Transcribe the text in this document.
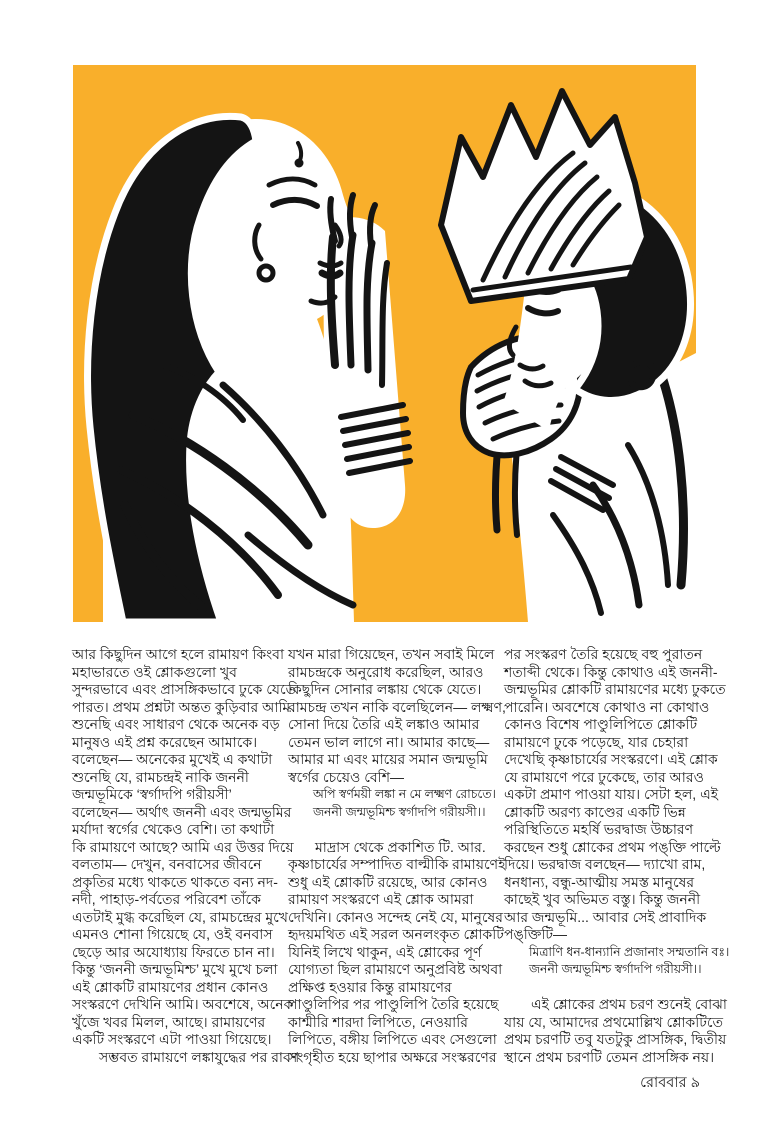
আর কিছুদিন আগে হলে রামায়ণ কিংবা
মহাভারতে ওই শ্লোকগুলো খুব
সুন্দরভাবে এবং প্রাসঙ্গিকভাবে ঢুকে যেতে
পারত। প্রথম প্রশ্নটা অন্তত কুড়িবার আমি
শুনেছি এবং সাধারণ থেকে অনেক বড়
মানুষও এই প্রশ্ন করেছেন আমাকে।
বলেছেন— অনেকের মুখেই এ কথাটা
শুনেছি যে, রামচন্দ্রই নাকি জননী
জন্মভূমিকে ‘স্বর্গাদপি গরীয়সী’
বলেছেন— অর্থাৎ জননী এবং জন্মভূমির
মর্যাদা স্বর্গের থেকেও বেশি। তা কথাটা
কি রামায়ণে আছে? আমি এর উত্তর দিয়ে
বলতাম— দেখুন, বনবাসের জীবনে
প্রকৃতির মধ্যে থাকতে থাকতে বন্য নদ-
নদী, পাহাড়-পর্বতের পরিবেশ তাঁকে
এতটাই মুগ্ধ করেছিল যে, রামচন্দ্রের মুখে
এমনও শোনা গিয়েছে যে, ওই বনবাস
ছেড়ে আর অযোধ্যায় ফিরতে চান না।
কিন্তু ‘জননী জন্মভূমিশ্চ’ মুখে মুখে চলা
এই শ্লোকটি রামায়ণের প্রধান কোনও
সংস্করণে দেখিনি আমি। অবশেষে, অনেক
খুঁজে খবর মিলল, আছে। রামায়ণের
একটি সংস্করণে এটা পাওয়া গিয়েছে।
সম্ভবত রামায়ণে লঙ্কাযুদ্ধের পর রাবণ
যখন মারা গিয়েছেন, তখন সবাই মিলে
রামচন্দ্রকে অনুরোধ করেছিল, আরও
কিছুদিন সোনার লঙ্কায় থেকে যেতে।
রামচন্দ্র তখন নাকি বলেছিলেন— লক্ষ্মণ,
সোনা দিয়ে তৈরি এই লঙ্কাও আমার
তেমন ভাল লাগে না। আমার কাছে—
আমার মা এবং মায়ের সমান জন্মভূমি
স্বর্গের চেয়েও বেশি—
অপি স্বর্ণময়ী লঙ্কা ন মে লক্ষ্মণ রোচতে।
জননী জন্মভূমিশ্চ স্বর্গাদপি গরীয়সী।।
মাদ্রাস থেকে প্রকাশিত টি. আর.
কৃষ্ণাচার্যের সম্পাদিত বাল্মীকি রামায়ণেই
শুধু এই শ্লোকটি রয়েছে, আর কোনও
রামায়ণ সংস্করণে এই শ্লোক আমরা
দেখিনি। কোনও সন্দেহ নেই যে, মানুষের
হৃদয়মথিত এই সরল অনলংকৃত শ্লোকটি
যিনিই লিখে থাকুন, এই শ্লোকের পূর্ণ
যোগ্যতা ছিল রামায়ণে অনুপ্রবিষ্ট অথবা
প্রক্ষিপ্ত হওয়ার কিন্তু রামায়ণের
পাণ্ডুলিপির পর পাণ্ডুলিপি তৈরি হয়েছে
কাশ্মীরি শারদা লিপিতে, নেওয়ারি
লিপিতে, বঙ্গীয় লিপিতে এবং সেগুলো
সংগৃহীত হয়ে ছাপার অক্ষরে সংস্করণের
পর সংস্করণ তৈরি হয়েছে বহু পুরাতন
শতাব্দী থেকে। কিন্তু কোথাও এই জননী-
জন্মভূমির শ্লোকটি রামায়ণের মধ্যে ঢুকতে
পারেনি। অবশেষে কোথাও না কোথাও
কোনও বিশেষ পাণ্ডুলিপিতে শ্লোকটি
রামায়ণে ঢুকে পড়েছে, যার চেহারা
দেখেছি কৃষ্ণাচার্যের সংস্করণে। এই শ্লোক
যে রামায়ণে পরে ঢুকেছে, তার আরও
একটা প্রমাণ পাওয়া যায়। সেটা হল, এই
শ্লোকটি অরণ্য কাণ্ডের একটি ভিন্ন
পরিস্থিতিতে মহর্ষি ভরদ্বাজ উচ্চারণ
করছেন শুধু শ্লোকের প্রথম পঙ্‌ক্তি পাল্টে
দিয়ে। ভরদ্বাজ বলছেন— দ্যাখো রাম,
ধনধান্য, বন্ধু-আত্মীয় সমস্ত মানুষের
কাছেই খুব অভিমত বস্তু। কিন্তু জননী
আর জন্মভূমি... আবার সেই প্রাবাদিক
পঙ্‌ক্তিটি—
মিত্রাণি ধন-ধান্যানি প্রজানাং সম্মতানি বঃ।
জননী জন্মভূমিশ্চ স্বর্গাদপি গরীয়সী।।
এই শ্লোকের প্রথম চরণ শুনেই বোঝা
যায় যে, আমাদের প্রথমোল্লিখ শ্লোকটিতে
প্রথম চরণটি তবু যতটুকু প্রাসঙ্গিক, দ্বিতীয়
স্থানে প্রথম চরণটি তেমন প্রাসঙ্গিক নয়।
রোববার ৯
